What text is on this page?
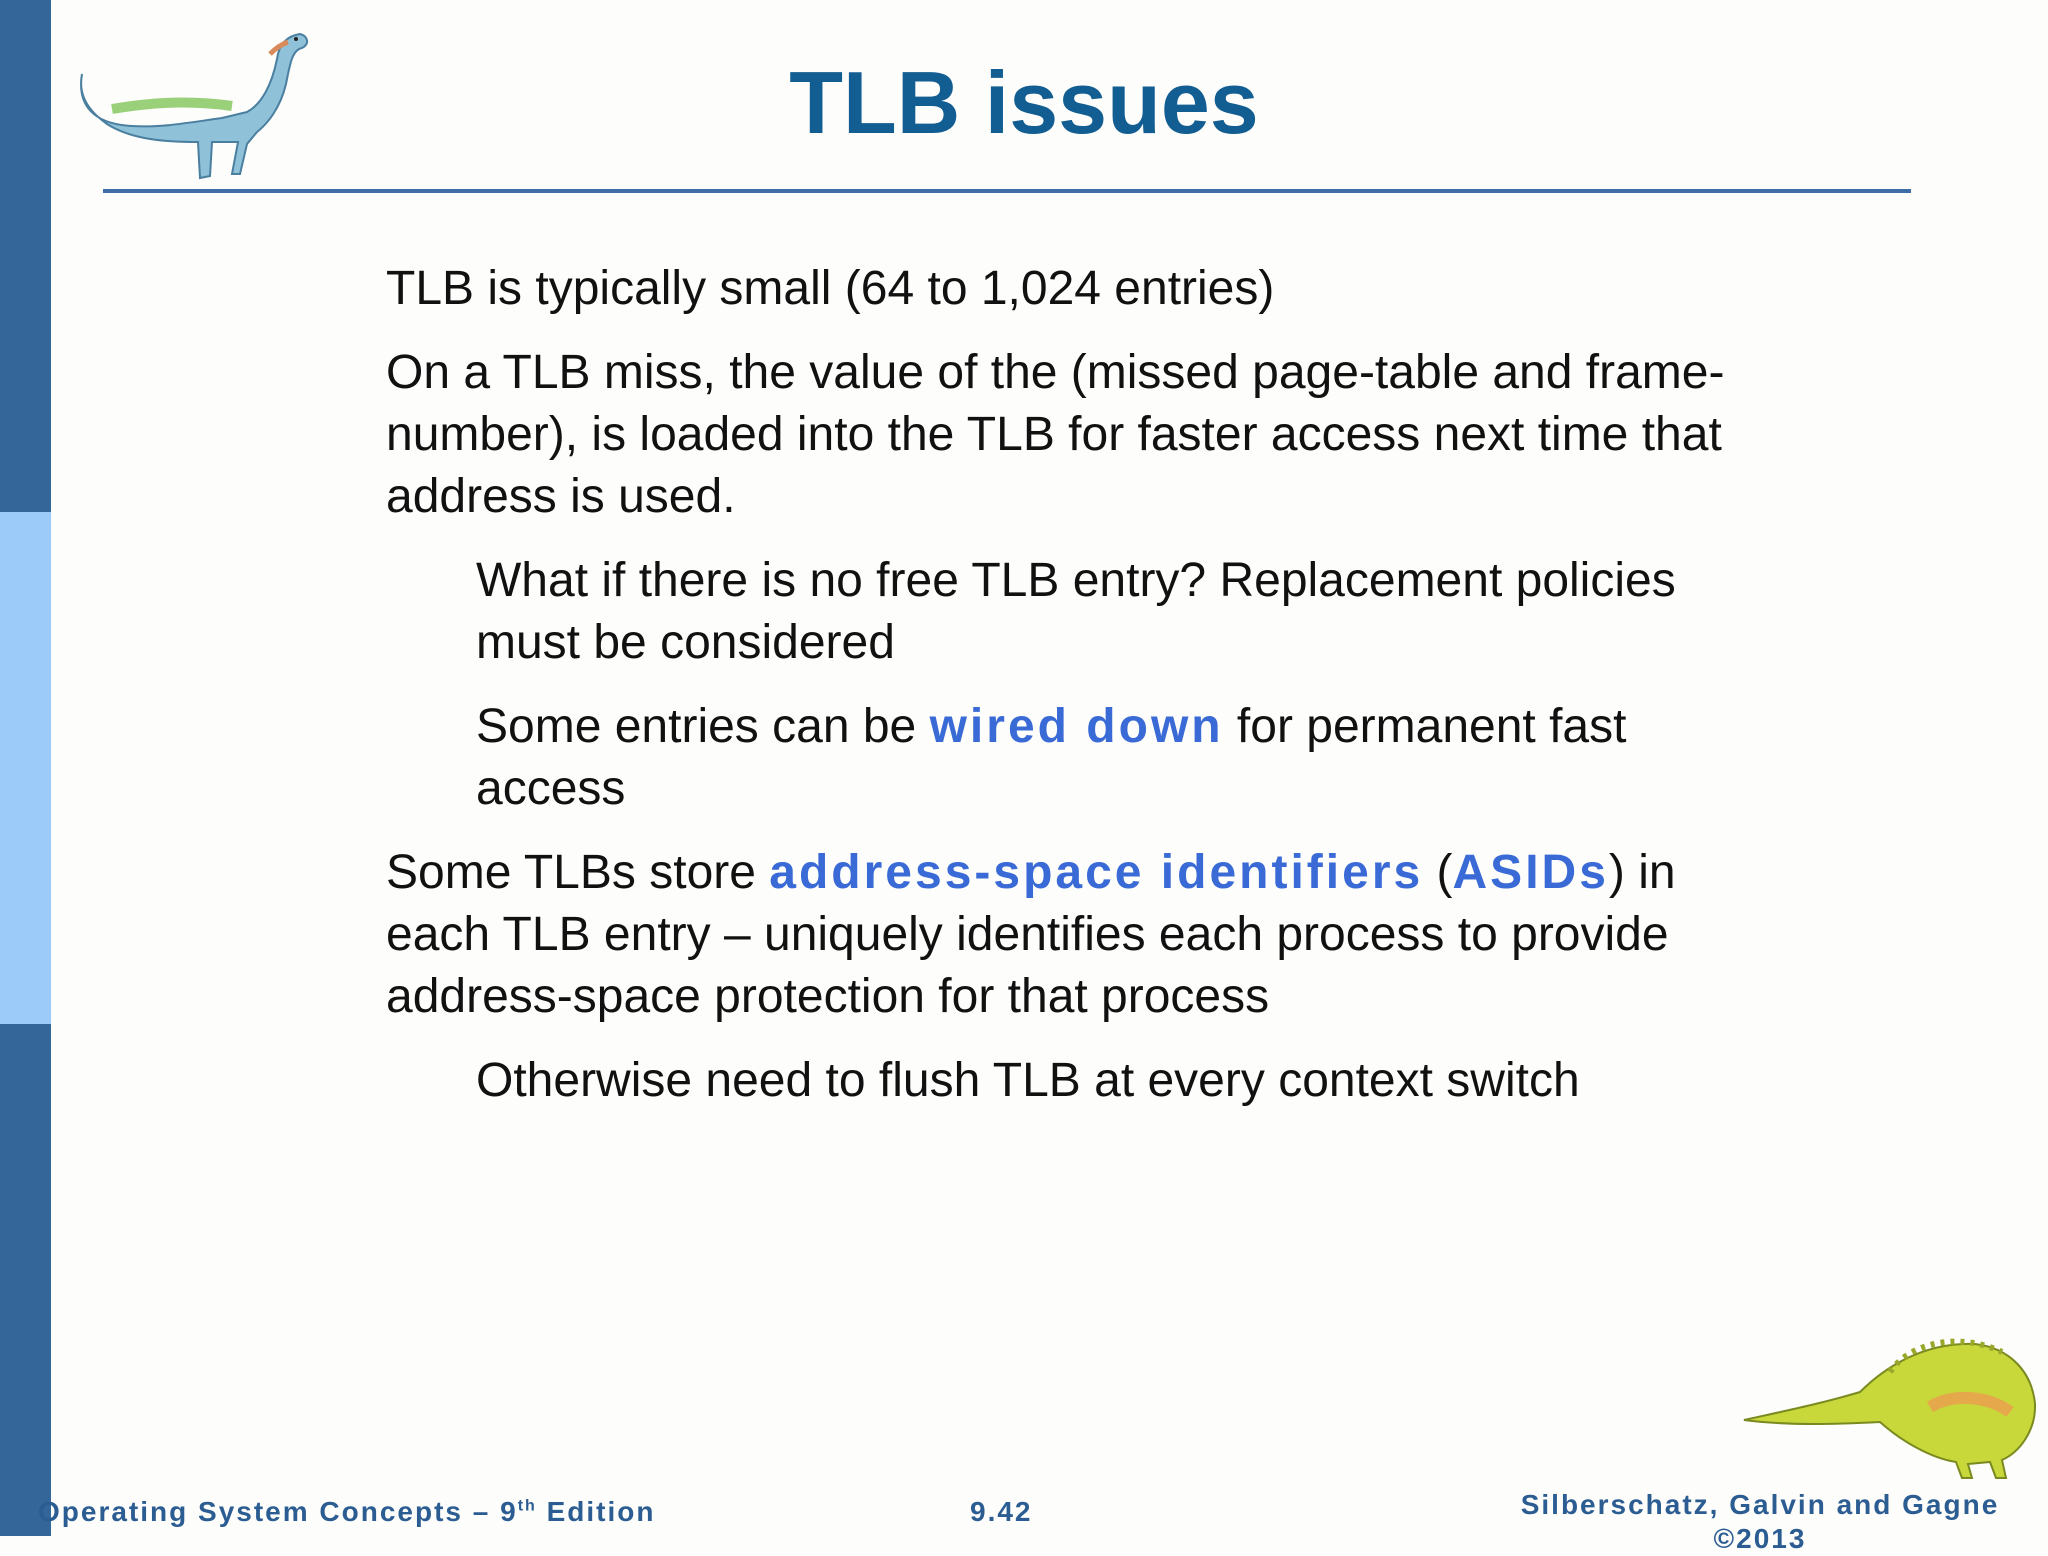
TLB issues

TLB is typically small (64 to 1,024 entries)

On a TLB miss, the value of the (missed page-table and frame-number), is loaded into the TLB for faster access next time that address is used.

What if there is no free TLB entry? Replacement policies must be considered

Some entries can be wired down for permanent fast access

Some TLBs store address-space identifiers (ASIDs) in each TLB entry – uniquely identifies each process to provide address-space protection for that process

Otherwise need to flush TLB at every context switch

Operating System Concepts – 9th Edition	9.42	Silberschatz, Galvin and Gagne
©2013
